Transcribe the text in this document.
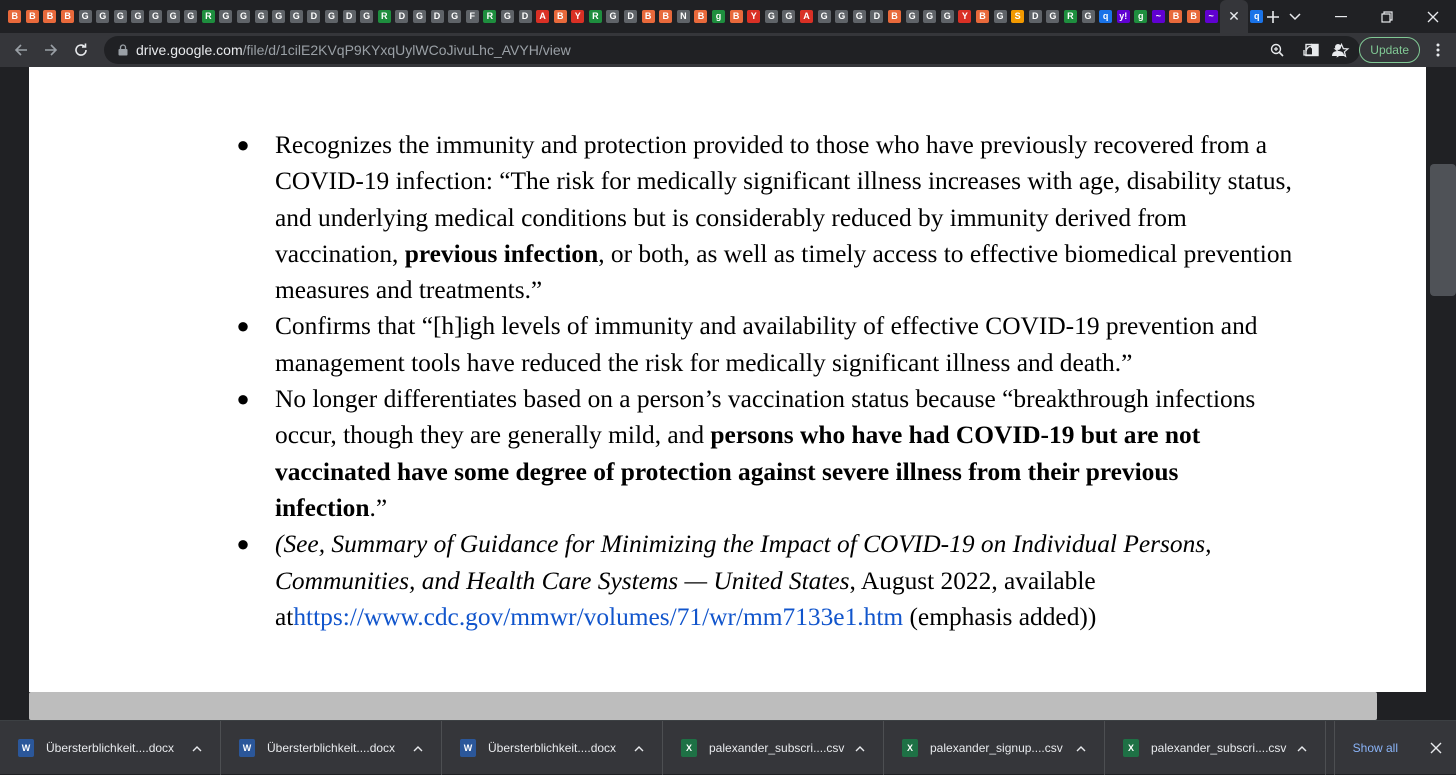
B	B	B	B	G	G	G	G	G	G	G	R	G	G	G	G	G	D	G	D	G	R	D	G	D	G	F	R	G	D	A	B	Y	R	G	D	B	B	N	B	g	B	Y	G	G	A	G	G	G	D	B	G	G	G	Y	B	G	S	D	G	R	G	q	y!	g	~	B	B	~ ✕	q
drive.google.com/file/d/1cilE2KVqP9KYxqUylWCoJivuLhc_AVYH/view	Update
● Recognizes the immunity and protection provided to those who have previously recovered from a COVID-19 infection: “The risk for medically significant illness increases with age, disability status, and underlying medical conditions but is considerably reduced by immunity derived from vaccination, previous infection, or both, as well as timely access to effective biomedical prevention measures and treatments.”
● Confirms that “[h]igh levels of immunity and availability of effective COVID-19 prevention and management tools have reduced the risk for medically significant illness and death.”
● No longer differentiates based on a person’s vaccination status because “breakthrough infections occur, though they are generally mild, and persons who have had COVID-19 but are not vaccinated have some degree of protection against severe illness from their previous infection.”
● (See, Summary of Guidance for Minimizing the Impact of COVID-19 on Individual Persons, Communities, and Health Care Systems — United States, August 2022, available athttps://www.cdc.gov/mmwr/volumes/71/wr/mm7133e1.htm (emphasis added))
W	Übersterblichkeit....docx	W	Übersterblichkeit....docx	W	Übersterblichkeit....docx	X	palexander_subscri....csv	X	palexander_signup....csv	X	palexander_subscri....csv	Show all
